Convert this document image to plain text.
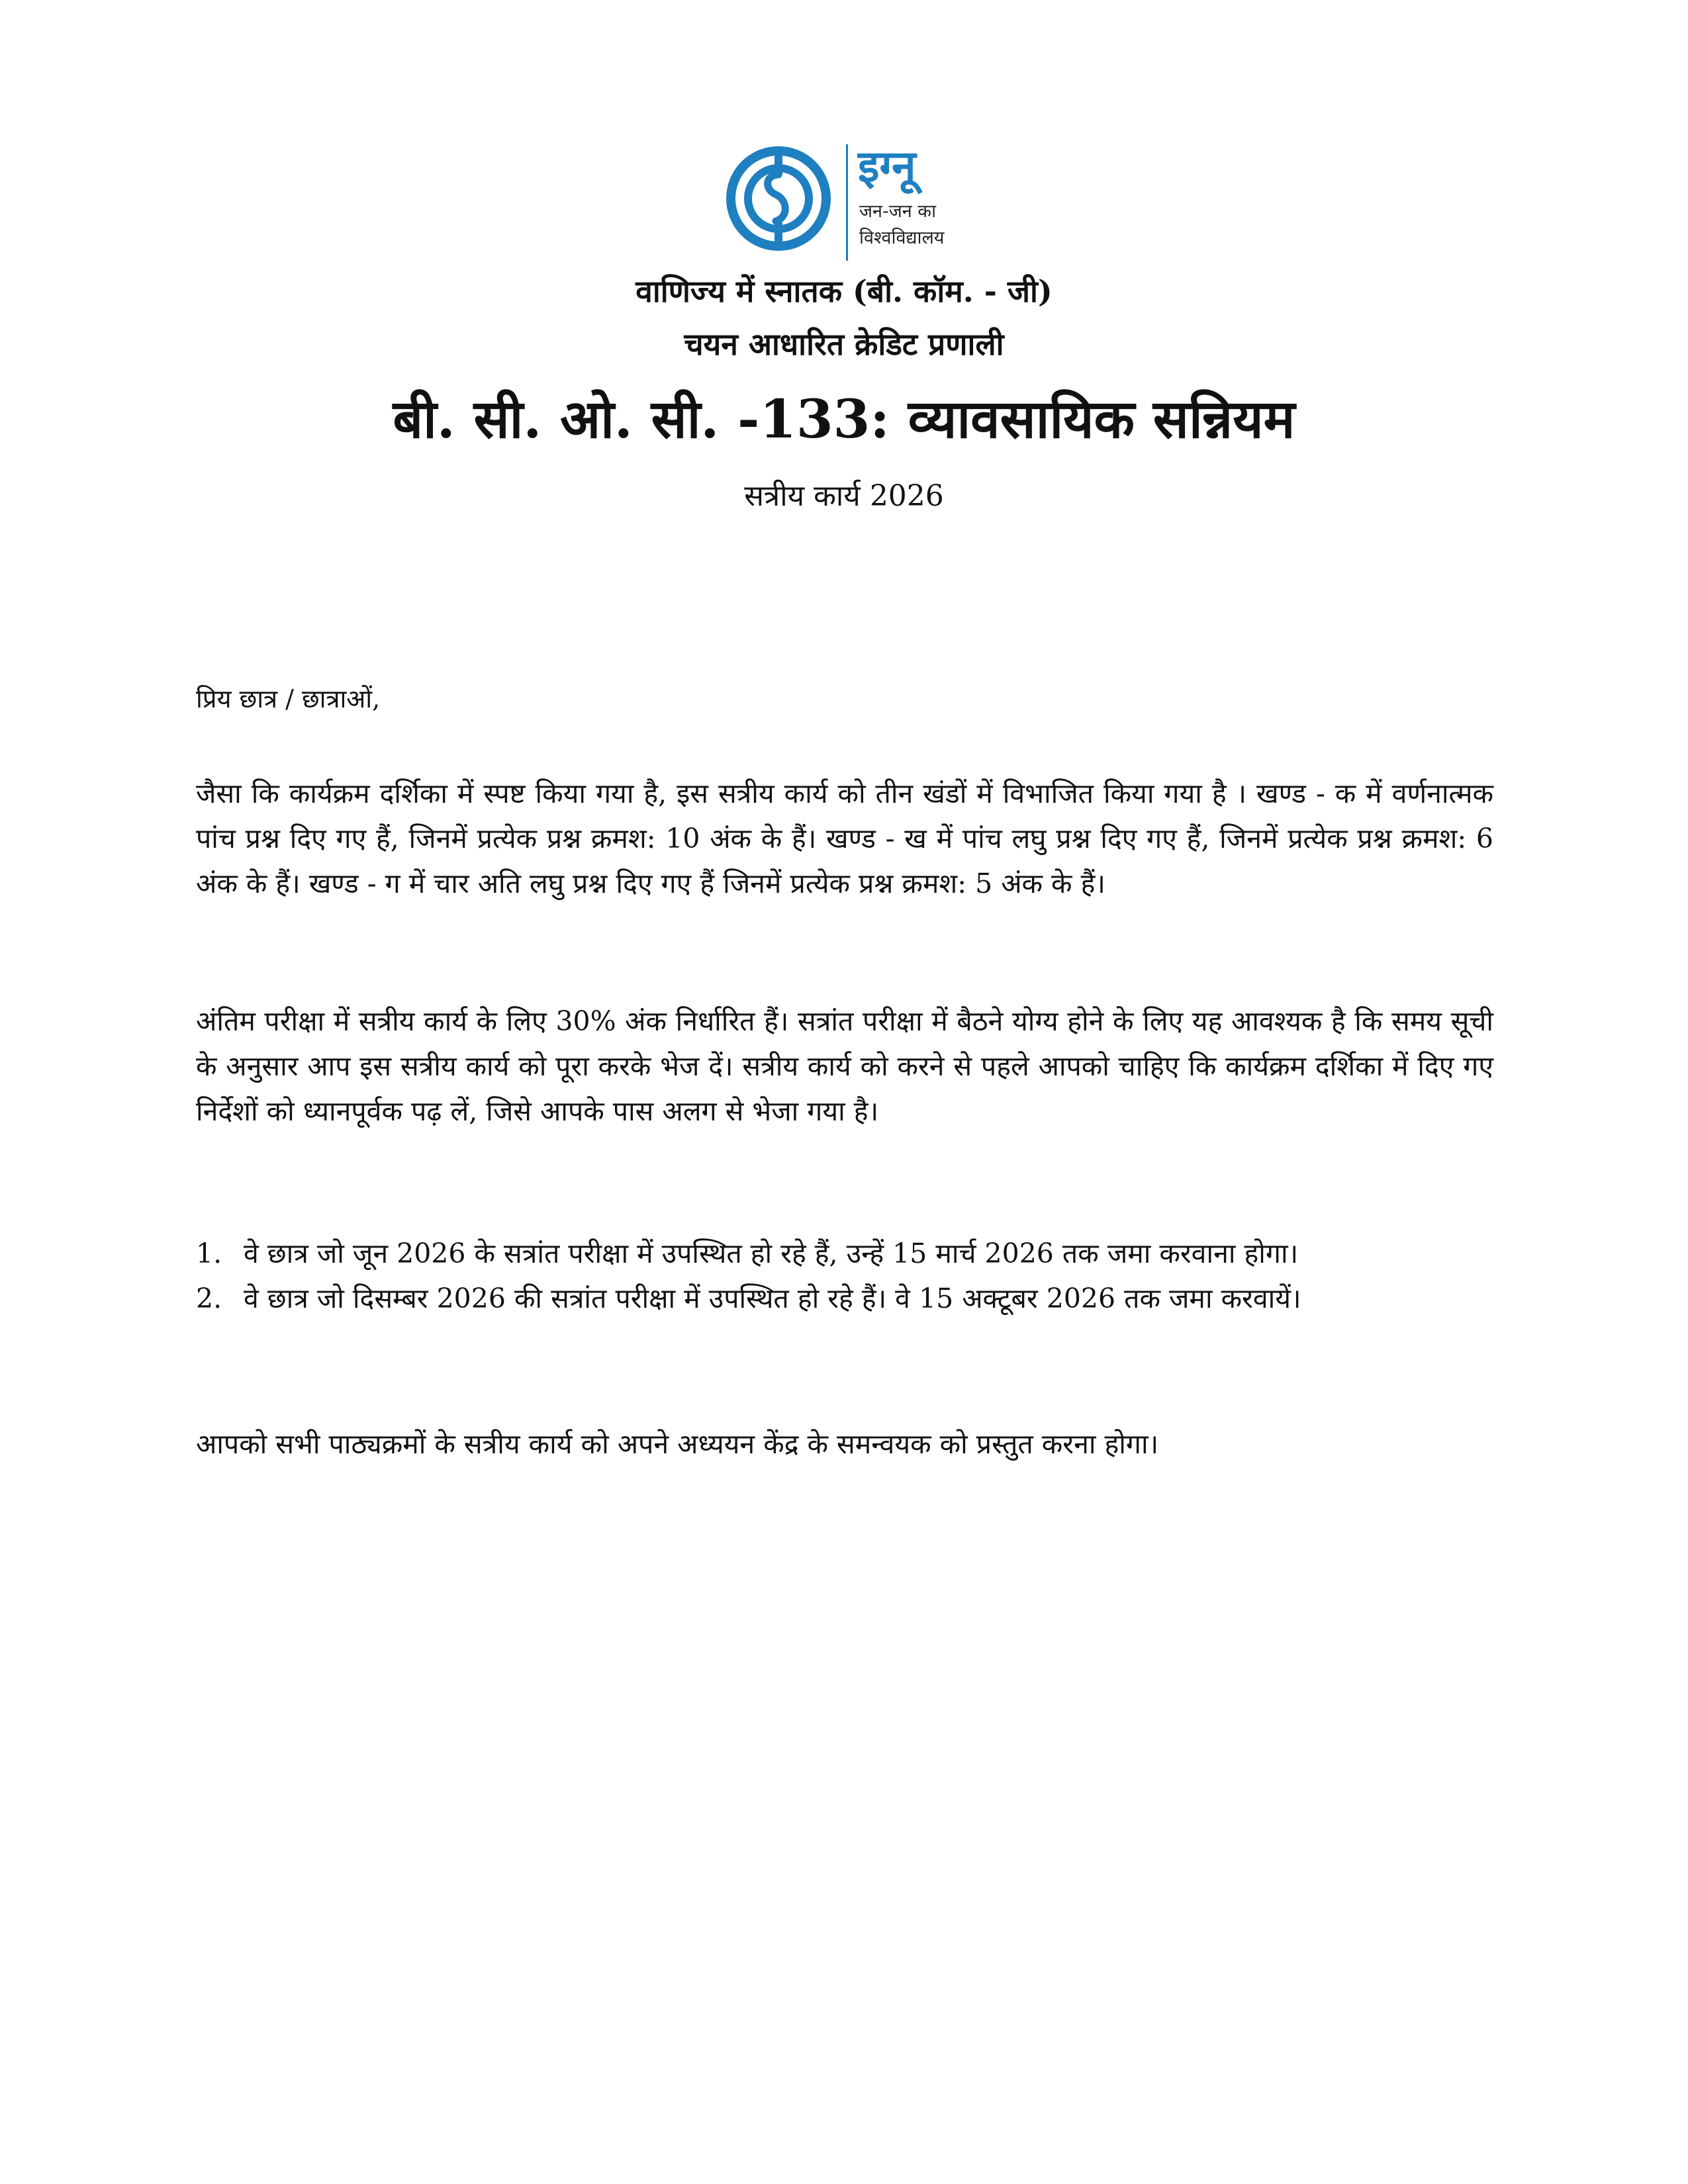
इग्नू
जन-जन का
विश्वविद्यालय
वाणिज्य में स्नातक (बी. कॉम. - जी)
चयन आधारित क्रेडिट प्रणाली
बी. सी. ओ. सी. -133: व्यावसायिक सन्नियम
सत्रीय कार्य 2026
प्रिय छात्र / छात्राओं,

जैसा कि कार्यक्रम दर्शिका में स्पष्ट किया गया है, इस सत्रीय कार्य को तीन खंडों में विभाजित किया गया है । खण्ड - क में वर्णनात्मक पांच प्रश्न दिए गए हैं, जिनमें प्रत्येक प्रश्न क्रमश: 10 अंक के हैं। खण्ड - ख में पांच लघु प्रश्न दिए गए हैं, जिनमें प्रत्येक प्रश्न क्रमश: 6 अंक के हैं। खण्ड - ग में चार अति लघु प्रश्न दिए गए हैं जिनमें प्रत्येक प्रश्न क्रमश: 5 अंक के हैं।

अंतिम परीक्षा में सत्रीय कार्य के लिए 30% अंक निर्धारित हैं। सत्रांत परीक्षा में बैठने योग्य होने के लिए यह आवश्यक है कि समय सूची के अनुसार आप इस सत्रीय कार्य को पूरा करके भेज दें। सत्रीय कार्य को करने से पहले आपको चाहिए कि कार्यक्रम दर्शिका में दिए गए निर्देशों को ध्यानपूर्वक पढ़ लें, जिसे आपके पास अलग से भेजा गया है।

1. वे छात्र जो जून 2026 के सत्रांत परीक्षा में उपस्थित हो रहे हैं, उन्हें 15 मार्च 2026 तक जमा करवाना होगा।
2. वे छात्र जो दिसम्बर 2026 की सत्रांत परीक्षा में उपस्थित हो रहे हैं। वे 15 अक्टूबर 2026 तक जमा करवायें।
आपको सभी पाठ्यक्रमों के सत्रीय कार्य को अपने अध्ययन केंद्र के समन्वयक को प्रस्तुत करना होगा।
